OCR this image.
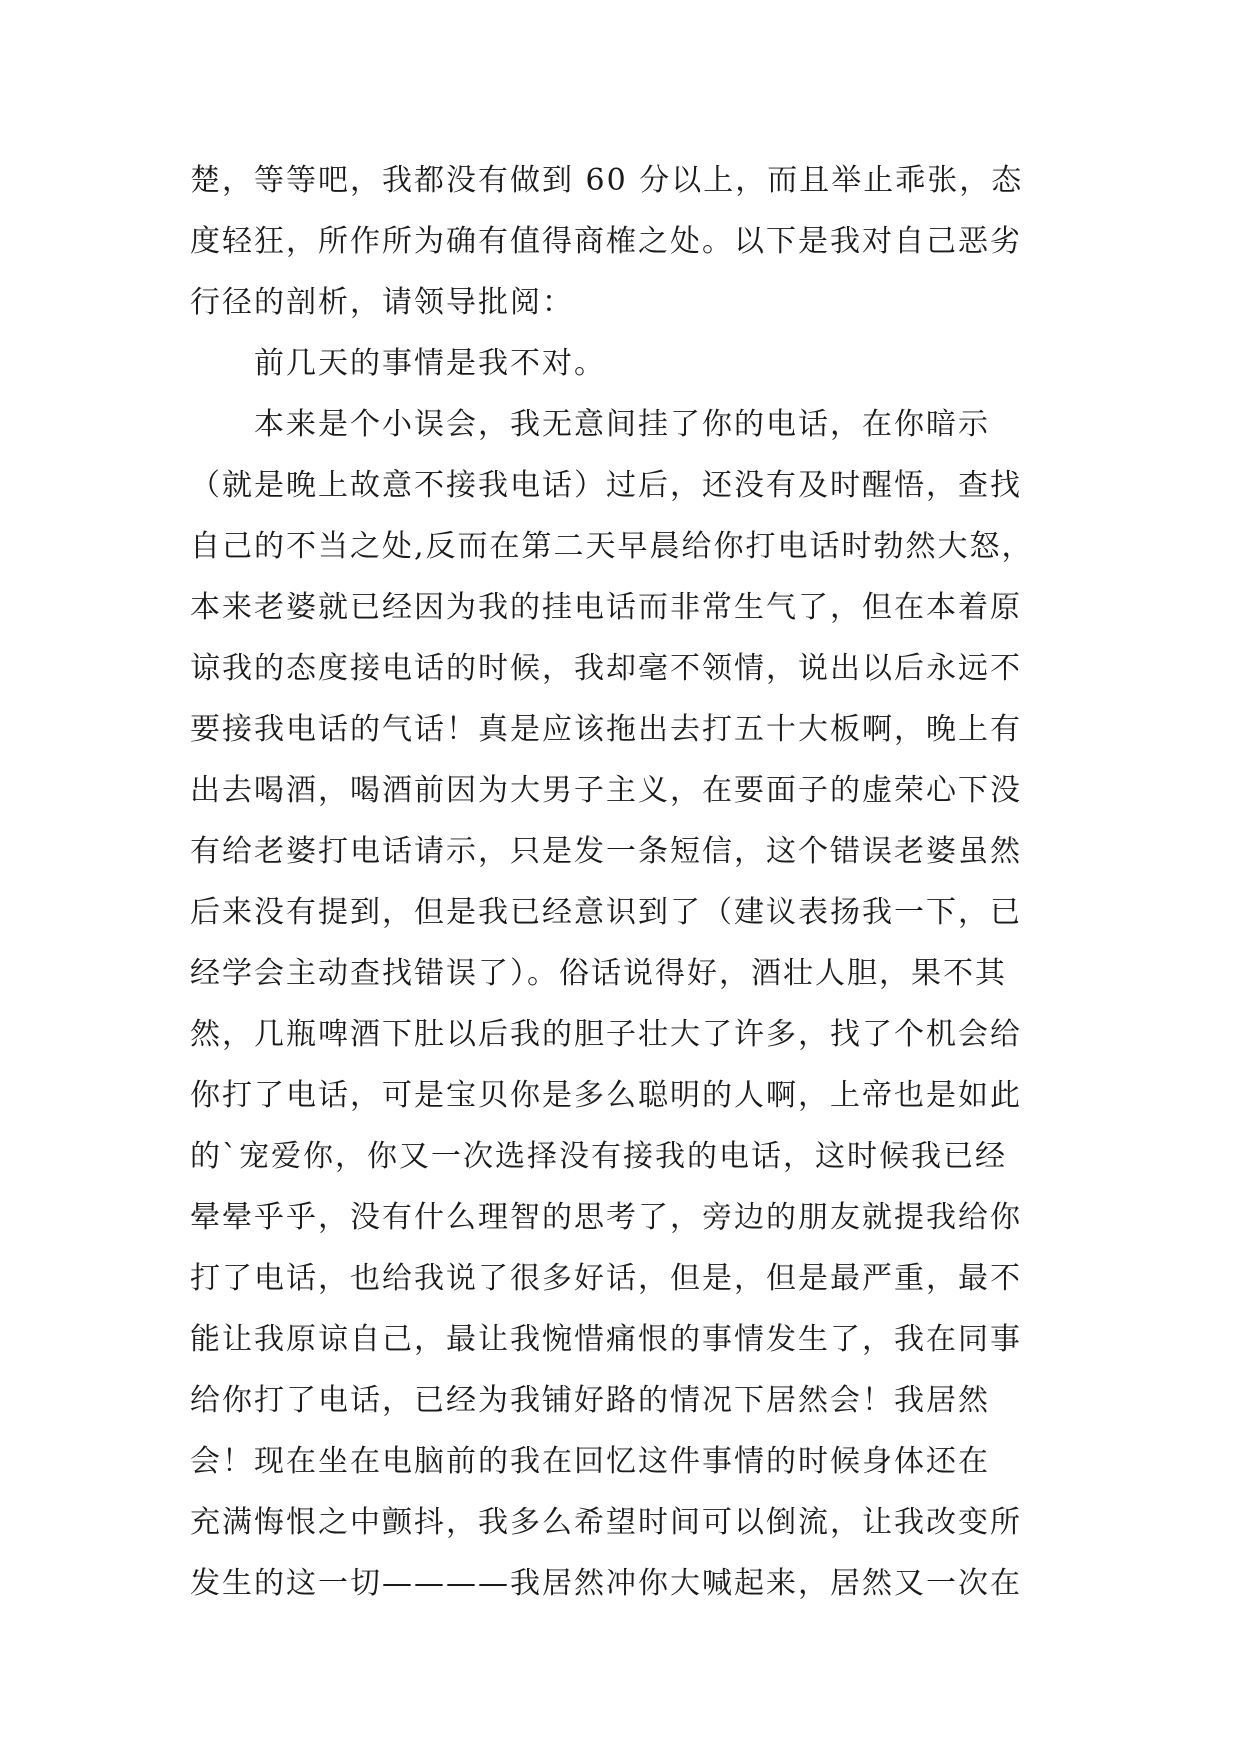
楚，等等吧，我都没有做到 60 分以上，而且举止乖张，态
度轻狂，所作所为确有值得商榷之处。以下是我对自己恶劣
行径的剖析，请领导批阅：
前几天的事情是我不对。
本来是个小误会，我无意间挂了你的电话，在你暗示
（就是晚上故意不接我电话）过后，还没有及时醒悟，查找
自己的不当之处,反而在第二天早晨给你打电话时勃然大怒，
本来老婆就已经因为我的挂电话而非常生气了，但在本着原
谅我的态度接电话的时候，我却毫不领情，说出以后永远不
要接我电话的气话！真是应该拖出去打五十大板啊，晚上有
出去喝酒，喝酒前因为大男子主义，在要面子的虚荣心下没
有给老婆打电话请示，只是发一条短信，这个错误老婆虽然
后来没有提到，但是我已经意识到了（建议表扬我一下，已
经学会主动查找错误了）。俗话说得好，酒壮人胆，果不其
然，几瓶啤酒下肚以后我的胆子壮大了许多，找了个机会给
你打了电话，可是宝贝你是多么聪明的人啊，上帝也是如此
的`宠爱你，你又一次选择没有接我的电话，这时候我已经
晕晕乎乎，没有什么理智的思考了，旁边的朋友就提我给你
打了电话，也给我说了很多好话，但是，但是最严重，最不
能让我原谅自己，最让我惋惜痛恨的事情发生了，我在同事
给你打了电话，已经为我铺好路的情况下居然会！我居然
会！现在坐在电脑前的我在回忆这件事情的时候身体还在
充满悔恨之中颤抖，我多么希望时间可以倒流，让我改变所
发生的这一切————我居然冲你大喊起来，居然又一次在
